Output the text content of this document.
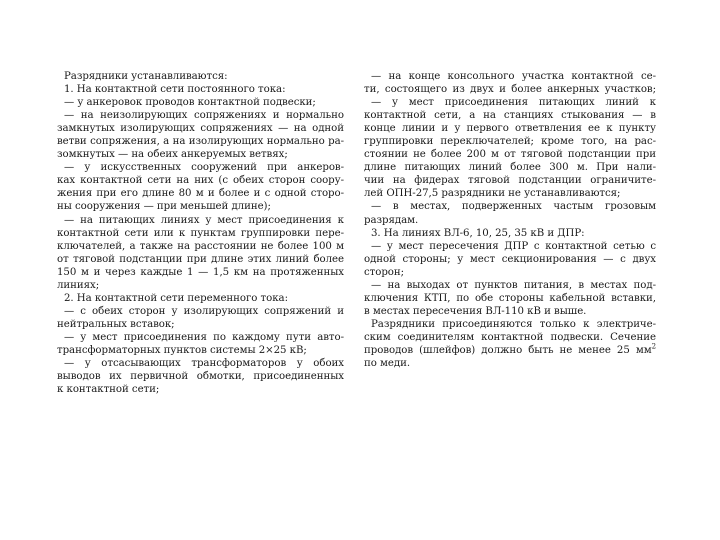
Разрядники устанавливаются:
1. На контактной сети постоянного тока:
— у анкеровок проводов контактной подвески;
— на неизолирующих сопряжениях и нормально
замкнутых изолирующих сопряжениях — на одной
ветви сопряжения, а на изолирующих нормально ра-
зомкнутых — на обеих анкеруемых ветвях;
— у искусственных сооружений при анкеров-
ках контактной сети на них (с обеих сторон соору-
жения при его длине 80 м и более и с одной сторо-
ны сооружения — при меньшей длине);
— на питающих линиях у мест присоединения к
контактной сети или к пунктам группировки пере-
ключателей, а также на расстоянии не более 100 м
от тяговой подстанции при длине этих линий более
150 м и через каждые 1 — 1,5 км на протяженных
линиях;
2. На контактной сети переменного тока:
— с обеих сторон у изолирующих сопряжений и
нейтральных вставок;
— у мест присоединения по каждому пути авто-
трансформаторных пунктов системы 2×25 кВ;
— у отсасывающих трансформаторов у обоих
выводов их первичной обмотки, присоединенных
к контактной сети;
— на конце консольного участка контактной се-
ти, состоящего из двух и более анкерных участков;
— у мест присоединения питающих линий к
контактной сети, а на станциях стыкования — в
конце линии и у первого ответвления ее к пункту
группировки переключателей; кроме того, на рас-
стоянии не более 200 м от тяговой подстанции при
длине питающих линий более 300 м. При нали-
чии на фидерах тяговой подстанции ограничите-
лей ОПН-27,5 разрядники не устанавливаются;
— в местах, подверженных частым грозовым
разрядам.
3. На линиях ВЛ-6, 10, 25, 35 кВ и ДПР:
— у мест пересечения ДПР с контактной сетью с
одной стороны; у мест секционирования — с двух
сторон;
— на выходах от пунктов питания, в местах под-
ключения КТП, по обе стороны кабельной вставки,
в местах пересечения ВЛ-110 кВ и выше.
Разрядники присоединяются только к электриче-
ским соединителям контактной подвески. Сечение
проводов (шлейфов) должно быть не менее 25 $мм^2$
по меди.
